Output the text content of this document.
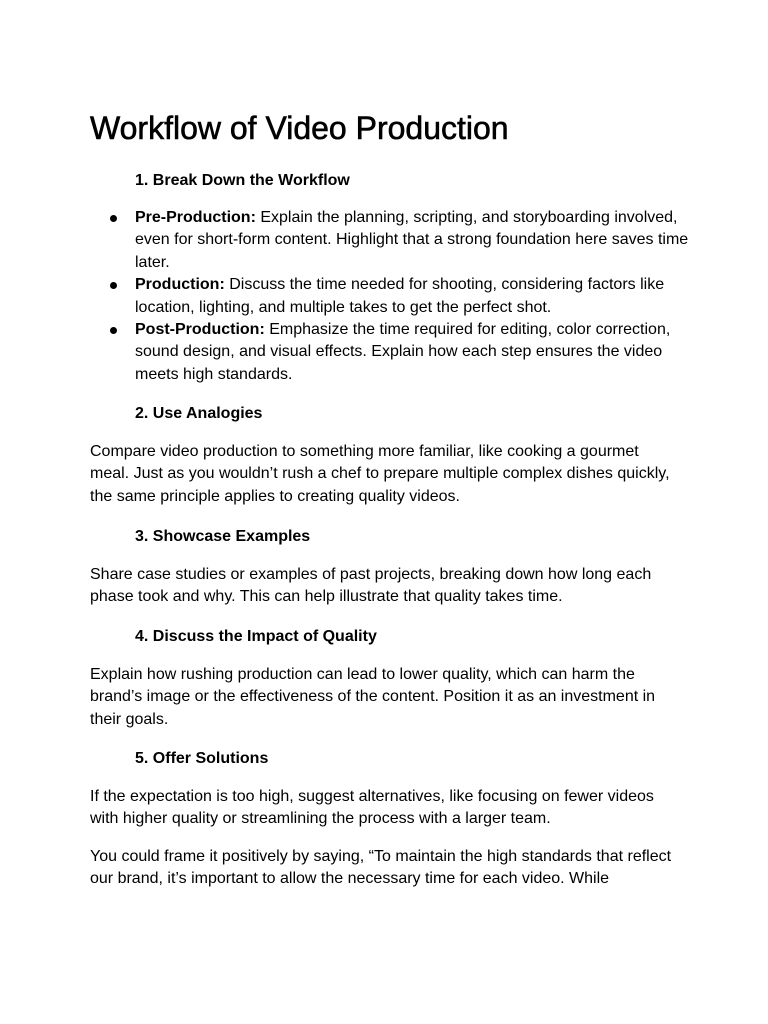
Workflow of Video Production
1. Break Down the Workflow
Pre-Production: Explain the planning, scripting, and storyboarding involved, even for short-form content. Highlight that a strong foundation here saves time later.
Production: Discuss the time needed for shooting, considering factors like location, lighting, and multiple takes to get the perfect shot.
Post-Production: Emphasize the time required for editing, color correction, sound design, and visual effects. Explain how each step ensures the video meets high standards.
2. Use Analogies

Compare video production to something more familiar, like cooking a gourmet meal. Just as you wouldn’t rush a chef to prepare multiple complex dishes quickly, the same principle applies to creating quality videos.

3. Showcase Examples

Share case studies or examples of past projects, breaking down how long each phase took and why. This can help illustrate that quality takes time.

4. Discuss the Impact of Quality

Explain how rushing production can lead to lower quality, which can harm the brand’s image or the effectiveness of the content. Position it as an investment in their goals.

5. Offer Solutions

If the expectation is too high, suggest alternatives, like focusing on fewer videos with higher quality or streamlining the process with a larger team.

You could frame it positively by saying, “To maintain the high standards that reflect our brand, it’s important to allow the necessary time for each video. While
